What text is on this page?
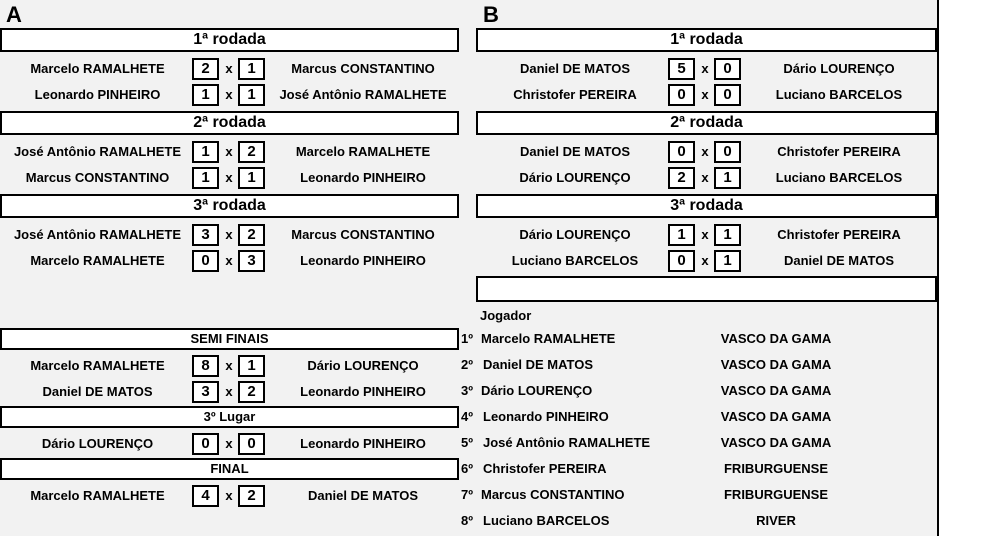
A	B
1ª rodada
Marcelo RAMALHETE	2	x 1	Marcus CONSTANTINO
Leonardo PINHEIRO	1	x 1	José Antônio RAMALHETE
2ª rodada
José Antônio RAMALHETE	1	x 2	Marcelo RAMALHETE
Marcus CONSTANTINO	1	x 1	Leonardo PINHEIRO
3ª rodada
José Antônio RAMALHETE	3	x 2	Marcus CONSTANTINO
Marcelo RAMALHETE	0	x 3	Leonardo PINHEIRO
1ª rodada
Daniel DE MATOS	5	x 0	Dário LOURENÇO
Christofer PEREIRA	0	x 0	Luciano BARCELOS
2ª rodada
Daniel DE MATOS	0	x 0	Christofer PEREIRA
Dário LOURENÇO	2	x 1	Luciano BARCELOS
3ª rodada
Dário LOURENÇO	1	x 1	Christofer PEREIRA
Luciano BARCELOS	0	x 1	Daniel DE MATOS
SEMI FINAIS
Marcelo RAMALHETE	8	x 1	Dário LOURENÇO
Daniel DE MATOS	3	x 2	Leonardo PINHEIRO
3º Lugar
Dário LOURENÇO	0	x 0	Leonardo PINHEIRO
FINAL
Marcelo RAMALHETE	4	x 2	Daniel DE MATOS
Jogador
1º Marcelo RAMALHETE	VASCO DA GAMA
2º Daniel DE MATOS	VASCO DA GAMA
3º Dário LOURENÇO	VASCO DA GAMA
4º Leonardo PINHEIRO	VASCO DA GAMA
5º José Antônio RAMALHETE	VASCO DA GAMA
6º Christofer PEREIRA	FRIBURGUENSE
7º Marcus CONSTANTINO	FRIBURGUENSE
8º Luciano BARCELOS	RIVER
